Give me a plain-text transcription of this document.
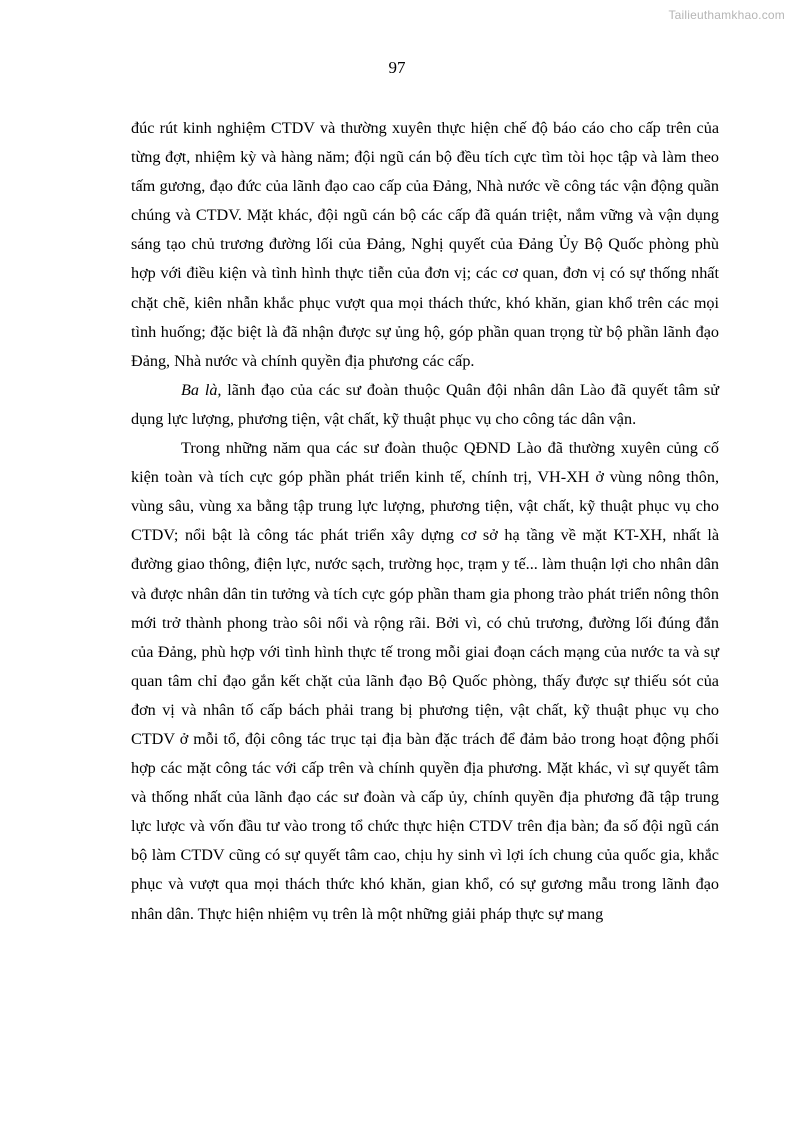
Tailieuthamkhao.com
97

đúc rút kinh nghiệm CTDV và thường xuyên thực hiện chế độ báo cáo cho cấp trên của từng đợt, nhiệm kỳ và hàng năm; đội ngũ cán bộ đều tích cực tìm tòi học tập và làm theo tấm gương, đạo đức của lãnh đạo cao cấp của Đảng, Nhà nước về công tác vận động quần chúng và CTDV. Mặt khác, đội ngũ cán bộ các cấp đã quán triệt, nắm vững và vận dụng sáng tạo chủ trương đường lối của Đảng, Nghị quyết của Đảng Ủy Bộ Quốc phòng phù hợp với điều kiện và tình hình thực tiễn của đơn vị; các cơ quan, đơn vị có sự thống nhất chặt chẽ, kiên nhẫn khắc phục vượt qua mọi thách thức, khó khăn, gian khổ trên các mọi tình huống; đặc biệt là đã nhận được sự ủng hộ, góp phần quan trọng từ bộ phần lãnh đạo Đảng, Nhà nước và chính quyền địa phương các cấp.

Ba là, lãnh đạo của các sư đoàn thuộc Quân đội nhân dân Lào đã quyết tâm sử dụng lực lượng, phương tiện, vật chất, kỹ thuật phục vụ cho công tác dân vận.

Trong những năm qua các sư đoàn thuộc QĐND Lào đã thường xuyên củng cố kiện toàn và tích cực góp phần phát triển kinh tế, chính trị, VH-XH ở vùng nông thôn, vùng sâu, vùng xa bằng tập trung lực lượng, phương tiện, vật chất, kỹ thuật phục vụ cho CTDV; nổi bật là công tác phát triển xây dựng cơ sở hạ tầng về mặt KT-XH, nhất là đường giao thông, điện lực, nước sạch, trường học, trạm y tế... làm thuận lợi cho nhân dân và được nhân dân tin tưởng và tích cực góp phần tham gia phong trào phát triển nông thôn mới trở thành phong trào sôi nổi và rộng rãi. Bởi vì, có chủ trương, đường lối đúng đắn của Đảng, phù hợp với tình hình thực tế trong mỗi giai đoạn cách mạng của nước ta và sự quan tâm chỉ đạo gắn kết chặt của lãnh đạo Bộ Quốc phòng, thấy được sự thiếu sót của đơn vị và nhân tố cấp bách phải trang bị phương tiện, vật chất, kỹ thuật phục vụ cho CTDV ở mỗi tổ, đội công tác trục tại địa bàn đặc trách để đảm bảo trong hoạt động phối hợp các mặt công tác với cấp trên và chính quyền địa phương. Mặt khác, vì sự quyết tâm và thống nhất của lãnh đạo các sư đoàn và cấp ủy, chính quyền địa phương đã tập trung lực lược và vốn đầu tư vào trong tổ chức thực hiện CTDV trên địa bàn; đa số đội ngũ cán bộ làm CTDV cũng có sự quyết tâm cao, chịu hy sinh vì lợi ích chung của quốc gia, khắc phục và vượt qua mọi thách thức khó khăn, gian khổ, có sự gương mẫu trong lãnh đạo nhân dân. Thực hiện nhiệm vụ trên là một những giải pháp thực sự mang
